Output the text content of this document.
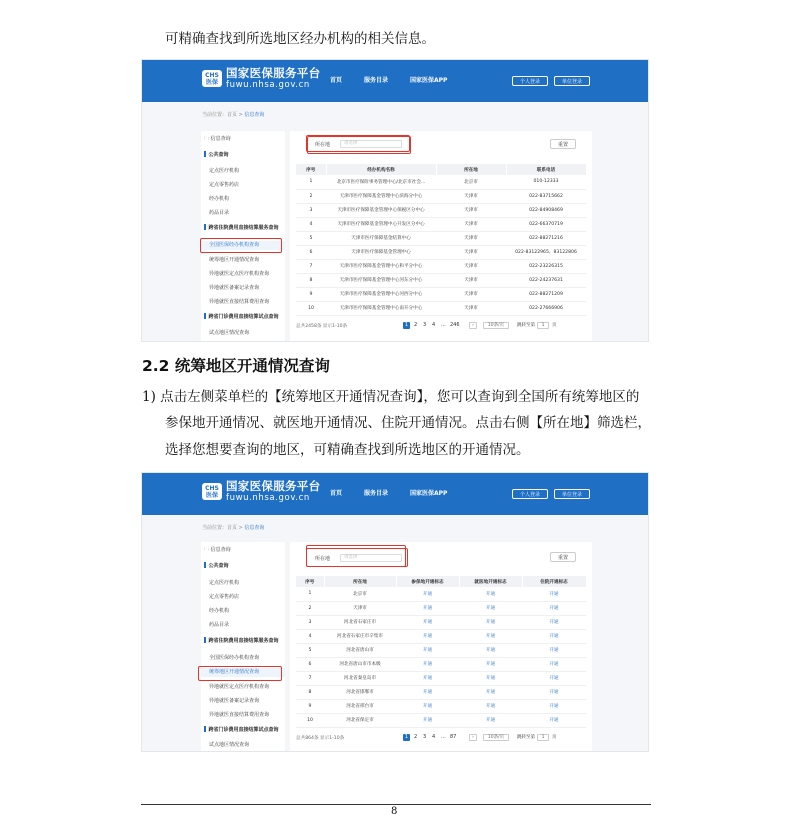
可精确查找到所选地区经办机构的相关信息。
CHS
医保
国家医保服务平台
fuwu.nhsa.gov.cn	首页	服务目录	国家医保APP	个人登录	单位登录
当前位置：首页 > 信息查询
🗀 信息查询
公共查询
定点医疗机构
定点零售药店
经办机构
药品目录
跨省住院费用直接结算服务查询
全国医保经办机构查询
统筹地区开通情况查询
异地就医定点医疗机构查询
异地就医备案记录查询
异地就医直接结算费用查询
跨省门诊费用直接结算试点查询
试点地区情况查询
所在地	请选择	重置
序号	经办机构名称	所在地	联系电话
1	北京市医疗保险事务管理中心/北京市社会...	北京市	010-12333
2	天津市医疗保障基金管理中心滨海分中心	天津市	022-83715662
3	天津市医疗保障基金管理中心保税区分中心	天津市	022-84908469
4	天津市医疗保障基金管理中心开发区分中心	天津市	022-66370719
5	天津市医疗保障基金结算中心	天津市	022-88271216
6	天津市医疗保障基金管理中心	天津市	022-83122965、83122806
7	天津市医疗保障基金管理中心和平分中心	天津市	022-23226315
8	天津市医疗保障基金管理中心河东分中心	天津市	022-24237631
9	天津市医疗保障基金管理中心河西分中心	天津市	022-88271209
10	天津市医疗保障基金管理中心南开分中心	天津市	022-27666906
总共2458条 显示1-10条	1	2 3 4 ... 246	›	10条/页	跳转至第	1	页
2.2 统筹地区开通情况查询
1) 点击左侧菜单栏的【统筹地区开通情况查询】，您可以查询到全国所有统筹地区的
参保地开通情况、就医地开通情况、住院开通情况。点击右侧【所在地】筛选栏，
选择您想要查询的地区，可精确查找到所选地区的开通情况。
CHS
医保
国家医保服务平台
fuwu.nhsa.gov.cn	首页	服务目录	国家医保APP	个人登录	单位登录
当前位置：首页 > 信息查询
🗀 信息查询
公共查询
定点医疗机构
定点零售药店
经办机构
药品目录
跨省住院费用直接结算服务查询
全国医保经办机构查询
统筹地区开通情况查询
异地就医定点医疗机构查询
异地就医备案记录查询
异地就医直接结算费用查询
跨省门诊费用直接结算试点查询
试点地区情况查询
所在地	请选择	重置
序号	所在地	参保地开通标志	就医地开通标志	住院开通标志
1	北京市	开通	开通	开通
2	天津市	开通	开通	开通
3	河北省石家庄市	开通	开通	开通
4	河北省石家庄市辛集市	开通	开通	开通
5	河北省唐山市	开通	开通	开通
6	河北省唐山市市本级	开通	开通	开通
7	河北省秦皇岛市	开通	开通	开通
8	河北省邯郸市	开通	开通	开通
9	河北省邢台市	开通	开通	开通
10	河北省保定市	开通	开通	开通
总共864条 显示1-10条	1	2 3 4 ... 87	›	10条/页	跳转至第	1	页
8
